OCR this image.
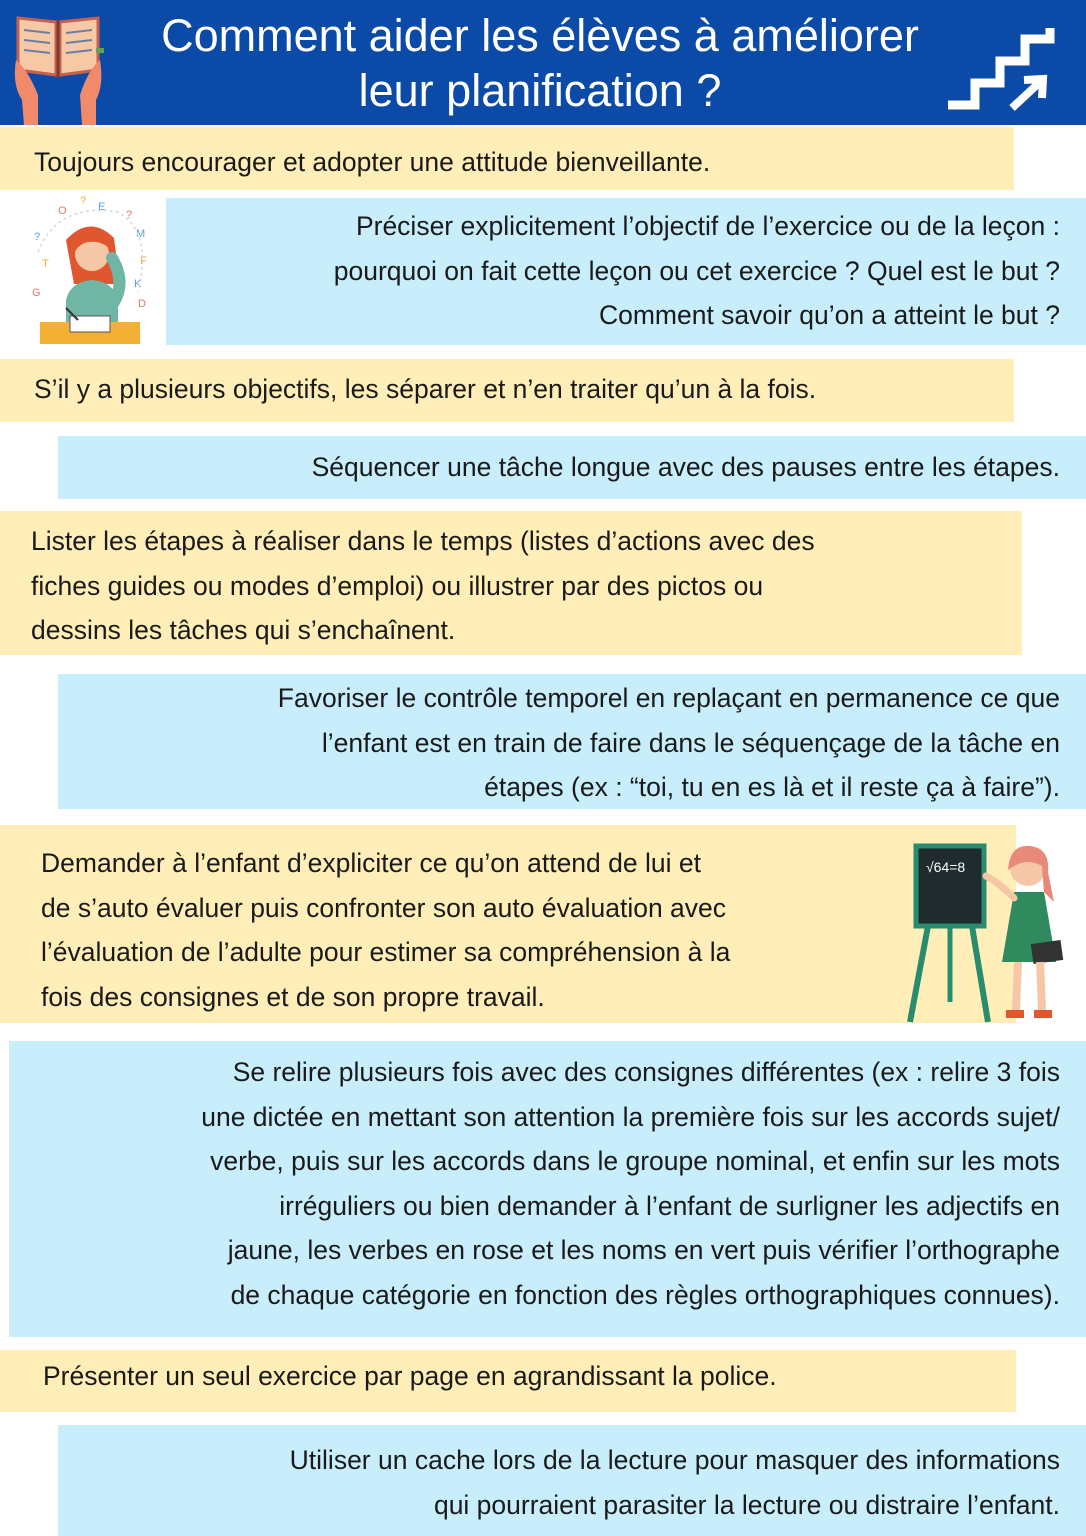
Comment aider les élèves à améliorer
leur planification ?
Toujours encourager et adopter une attitude bienveillante.
O
? E
?
M
F
K
D
G
?
T
Préciser explicitement l’objectif de l’exercice ou de la leçon :
pourquoi on fait cette leçon ou cet exercice ? Quel est le but ?
Comment savoir qu’on a atteint le but ?
S’il y a plusieurs objectifs, les séparer et n’en traiter qu’un à la fois.
Séquencer une tâche longue avec des pauses entre les étapes.
Lister les étapes à réaliser dans le temps (listes d’actions avec des
fiches guides ou modes d’emploi) ou illustrer par des pictos ou
dessins les tâches qui s’enchaînent.
Favoriser le contrôle temporel en replaçant en permanence ce que
l’enfant est en train de faire dans le séquençage de la tâche en
étapes (ex : “toi, tu en es là et il reste ça à faire”).
Demander à l’enfant d’expliciter ce qu’on attend de lui et
de s’auto évaluer puis confronter son auto évaluation avec
l’évaluation de l’adulte pour estimer sa compréhension à la
fois des consignes et de son propre travail.
√64=8
Se relire plusieurs fois avec des consignes différentes (ex : relire 3 fois
une dictée en mettant son attention la première fois sur les accords sujet/
verbe, puis sur les accords dans le groupe nominal, et enfin sur les mots
irréguliers ou bien demander à l’enfant de surligner les adjectifs en
jaune, les verbes en rose et les noms en vert puis vérifier l’orthographe
de chaque catégorie en fonction des règles orthographiques connues).
Présenter un seul exercice par page en agrandissant la police.
Utiliser un cache lors de la lecture pour masquer des informations
qui pourraient parasiter la lecture ou distraire l’enfant.
